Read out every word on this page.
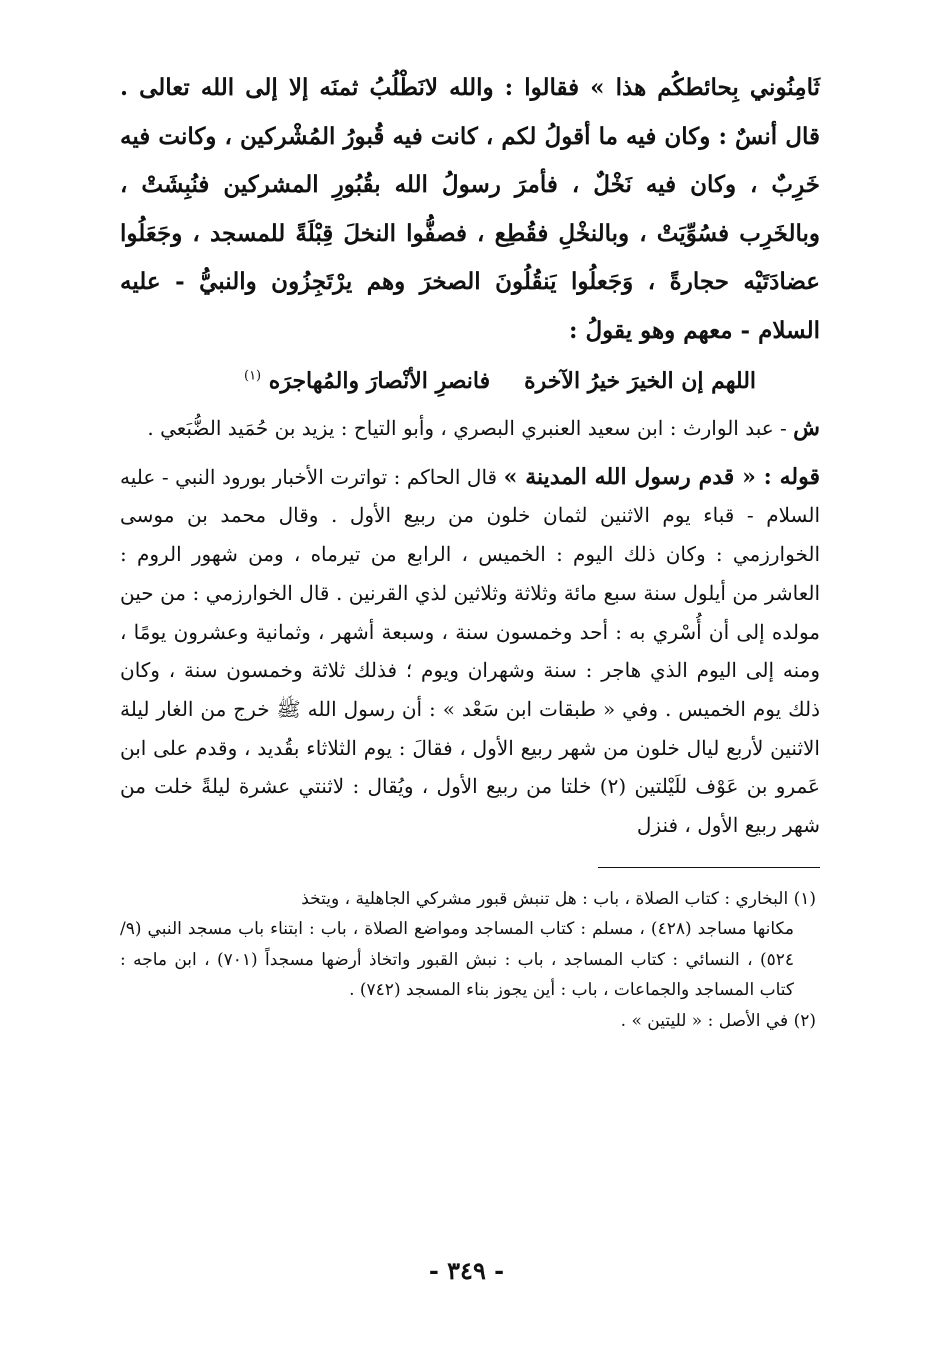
ثَامِنُوني بِحائطكُم هذا » فقالوا : والله لانَطْلُبُ ثمنَه إلا إلى الله تعالى . قال أنسٌ : وكان فيه ما أقولُ لكم ، كانت فيه قُبورُ المُشْركين ، وكانت فيه خَرِبٌ ، وكان فيه نَخْلٌ ، فأمرَ رسولُ الله بقُبُورِ المشركين فنُبِشَتْ ، وبالخَرِب فسُوِّيَتْ ، وبالنخْلِ فقُطِع ، فصفُّوا النخلَ قِبْلَةً للمسجد ، وجَعَلُوا عضادَتَيْه حجارةً ، وَجَعلُوا يَنقُلُونَ الصخرَ وهم يرْتَجِزُون والنبيُّ - عليه السلام - معهم وهو يقولُ :

اللهم إن الخيرَ خيرُ الآخرة
فانصرِ الأنْصارَ والمُهاجرَه $^{(١)}$

ش - عبد الوارث : ابن سعيد العنبري البصري ، وأبو التياح : يزيد بن حُمَيد الضُّبَعي .

قوله : « قدم رسول الله المدينة » قال الحاكم : تواترت الأخبار بورود النبي - عليه السلام - قباء يوم الاثنين لثمان خلون من ربيع الأول . وقال محمد بن موسى الخوارزمي : وكان ذلك اليوم : الخميس ، الرابع من تيرماه ، ومن شهور الروم : العاشر من أيلول سنة سبع مائة وثلاثة وثلاثين لذي القرنين . قال الخوارزمي : من حين مولده إلى أن أُسْري به : أحد وخمسون سنة ، وسبعة أشهر ، وثمانية وعشرون يومًا ، ومنه إلى اليوم الذي هاجر : سنة وشهران ويوم ؛ فذلك ثلاثة وخمسون سنة ، وكان ذلك يوم الخميس . وفي « طبقات ابن سَعْد » : أن رسول الله ﷺ خرج من الغار ليلة الاثنين لأربع ليال خلون من شهر ربيع الأول ، فقالَ : يوم الثلاثاء بقُديد ، وقدم على ابن عَمرو بن عَوْف للَيْلتين (٢) خلتا من ربيع الأول ، ويُقال : لاثنتي عشرة ليلةً خلت من شهر ربيع الأول ، فنزل

(١) البخاري : كتاب الصلاة ، باب : هل تنبش قبور مشركي الجاهلية ، ويتخذ
مكانها مساجد (٤٢٨) ، مسلم : كتاب المساجد ومواضع الصلاة ، باب : ابتناء باب مسجد النبي (٩/ ٥٢٤) ، النسائي : كتاب المساجد ، باب : نبش القبور واتخاذ أرضها مسجداً (٧٠١) ، ابن ماجه : كتاب المساجد والجماعات ، باب : أين يجوز بناء المسجد (٧٤٢) .

(٢) في الأصل : « لليتين » .

- ٣٤٩ -
